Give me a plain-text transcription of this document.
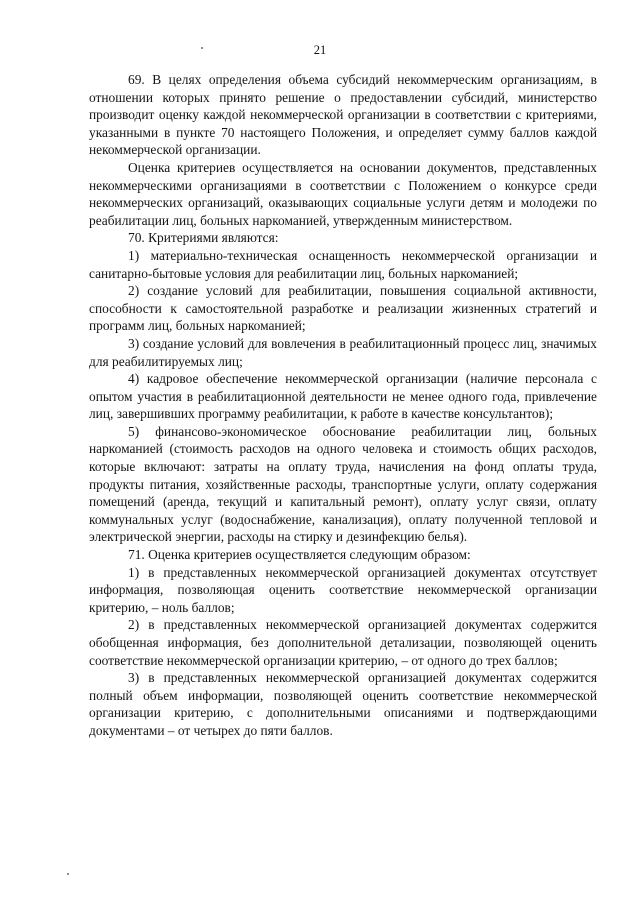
21

69. В целях определения объема субсидий некоммерческим организациям, в отношении которых принято решение о предоставлении субсидий, министерство производит оценку каждой некоммерческой организации в соответствии с критериями, указанными в пункте 70 настоящего Положения, и определяет сумму баллов каждой некоммерческой организации.

Оценка критериев осуществляется на основании документов, представленных некоммерческими организациями в соответствии с Положением о конкурсе среди некоммерческих организаций, оказывающих социальные услуги детям и молодежи по реабилитации лиц, больных наркоманией, утвержденным министерством.

70. Критериями являются:

1) материально-техническая оснащенность некоммерческой организации и санитарно-бытовые условия для реабилитации лиц, больных наркоманией;

2) создание условий для реабилитации, повышения социальной активности, способности к самостоятельной разработке и реализации жизненных стратегий и программ лиц, больных наркоманией;

3) создание условий для вовлечения в реабилитационный процесс лиц, значимых для реабилитируемых лиц;

4) кадровое обеспечение некоммерческой организации (наличие персонала с опытом участия в реабилитационной деятельности не менее одного года, привлечение лиц, завершивших программу реабилитации, к работе в качестве консультантов);

5) финансово-экономическое обоснование реабилитации лиц, больных наркоманией (стоимость расходов на одного человека и стоимость общих расходов, которые включают: затраты на оплату труда, начисления на фонд оплаты труда, продукты питания, хозяйственные расходы, транспортные услуги, оплату содержания помещений (аренда, текущий и капитальный ремонт), оплату услуг связи, оплату коммунальных услуг (водоснабжение, канализация), оплату полученной тепловой и электрической энергии, расходы на стирку и дезинфекцию белья).

71. Оценка критериев осуществляется следующим образом:

1) в представленных некоммерческой организацией документах отсутствует информация, позволяющая оценить соответствие некоммерческой организации критерию, – ноль баллов;

2) в представленных некоммерческой организацией документах содержится обобщенная информация, без дополнительной детализации, позволяющей оценить соответствие некоммерческой организации критерию, – от одного до трех баллов;

3) в представленных некоммерческой организацией документах содержится полный объем информации, позволяющей оценить соответствие некоммерческой организации критерию, с дополнительными описаниями и подтверждающими документами – от четырех до пяти баллов.
